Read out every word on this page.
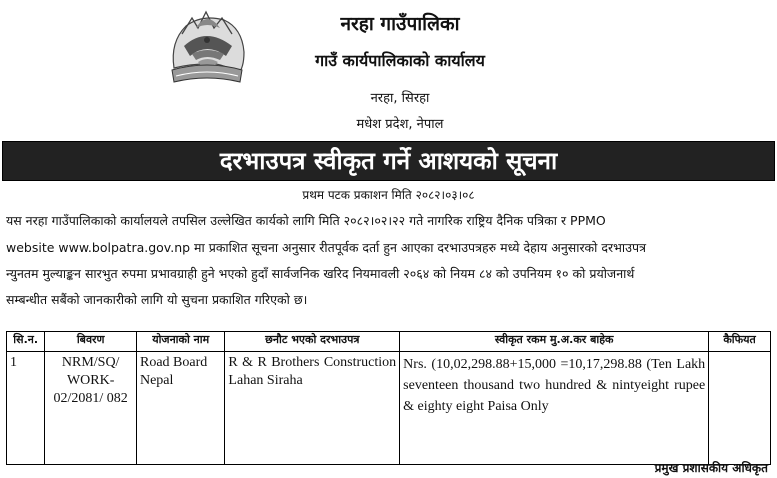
नरहा गाउँपालिका
गाउँ कार्यपालिकाको कार्यालय
नरहा, सिरहा
मधेश प्रदेश, नेपाल
दरभाउपत्र स्वीकृत गर्ने आशयको सूचना
प्रथम पटक प्रकाशन मिति २०८२।०३।०८
यस नरहा गाउँपालिकाको कार्यालयले तपसिल उल्लेखित कार्यको लागि मिति २०८२।०२।२२ गते नागरिक राष्ट्रिय दैनिक पत्रिका र PPMO
website www.bolpatra.gov.np मा प्रकाशित सूचना अनुसार रीतपूर्वक दर्ता हुन आएका दरभाउपत्रहरु मध्ये देहाय अनुसारको दरभाउपत्र
न्युनतम मुल्याङ्कन सारभुत रुपमा प्रभावग्राही हुने भएको हुदाँ सार्वजनिक खरिद नियमावली २०६४ को नियम ८४ को उपनियम १० को प्रयोजनार्थ
सम्बन्धीत सबैंको जानकारीको लागि यो सुचना प्रकाशित गरिएको छ।
सि.न.	बिवरण	योजनाको नाम	छनौट भएको दरभाउपत्र	स्वीकृत रकम मु.अ.कर बाहेक	कैफियत
1	NRM/SQ/ WORK- 02/2081/ 082	Road Board Nepal	R & R Brothers Construction Lahan Siraha	Nrs. (10,02,298.88+15,000 =10,17,298.88 (Ten Lakh seventeen thousand two hundred & nintyeight rupee & eighty eight Paisa Only	
प्रमुख प्रशासकीय अधिकृत
